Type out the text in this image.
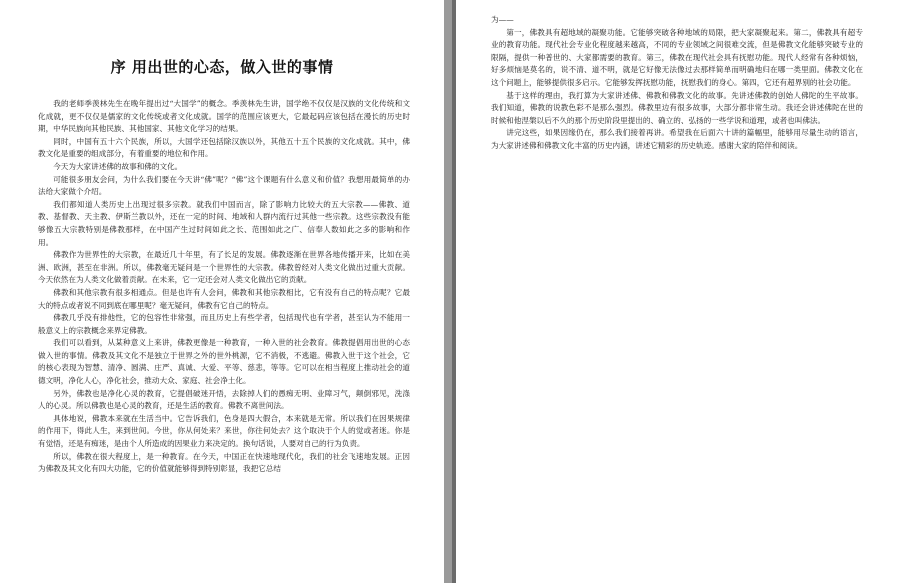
序 用出世的心态，做入世的事情

我的老师季羡林先生在晚年提出过“大国学”的概念。季羡林先生讲，国学绝不仅仅是汉族的文化传统和文化成就，更不仅仅是儒家的文化传统或者文化成就。国学的范围应该更大，它最起码应该包括在漫长的历史时期，中华民族向其他民族、其他国家、其他文化学习的结果。

同时，中国有五十六个民族，所以，大国学还包括除汉族以外，其他五十五个民族的文化成就。其中，佛教文化是重要的组成部分，有着重要的地位和作用。

今天为大家讲述佛的故事和佛的文化。

可能很多朋友会问，为什么我们要在今天讲“佛”呢？“佛”这个课题有什么意义和价值？我想用最简单的办法给大家做个介绍。

我们都知道人类历史上出现过很多宗教。就我们中国而言，除了影响力比较大的五大宗教——佛教、道教、基督教、天主教、伊斯兰教以外，还在一定的时间、地域和人群内流行过其他一些宗教。这些宗教没有能够像五大宗教特别是佛教那样，在中国产生过时间如此之长、范围如此之广、信奉人数如此之多的影响和作用。

佛教作为世界性的大宗教，在最近几十年里，有了长足的发展。佛教逐渐在世界各地传播开来，比如在美洲、欧洲，甚至在非洲。所以，佛教毫无疑问是一个世界性的大宗教。佛教曾经对人类文化做出过重大贡献。今天依然在为人类文化做着贡献。在未来，它一定还会对人类文化做出它的贡献。

佛教和其他宗教有很多相通点。但是也许有人会问，佛教和其他宗教相比，它有没有自己的特点呢？它最大的特点或者说不同到底在哪里呢？毫无疑问，佛教有它自己的特点。

佛教几乎没有排他性，它的包容性非常强，而且历史上有些学者，包括现代也有学者，甚至认为不能用一般意义上的宗教概念来界定佛教。

我们可以看到，从某种意义上来讲，佛教更像是一种教育，一种入世的社会教育。佛教提倡用出世的心态做入世的事情。佛教及其文化不是独立于世界之外的世外桃源，它不消极，不逃避。佛教入世于这个社会，它的核心表现为智慧、清净、圆满、庄严、真诚、大爱、平等、慈悲，等等。它可以在相当程度上推动社会的道德文明，净化人心，净化社会，推动大众、家庭、社会净土化。

另外，佛教也是净化心灵的教育，它提倡破迷开悟，去除掉人们的愚痴无明、业障习气，颠倒邪见，洗涤人的心灵。所以佛教也是心灵的教育，还是生活的教育。佛教不离世间法。

具体地说，佛教本来就在生活当中。它告诉我们，色身是四大假合，本来就是无常。所以我们在因果规律的作用下，得此人生，来到世间。今世，你从何处来？来世，你往何处去？这个取决于个人的觉或者迷。你是有觉悟，还是有痴迷，是由个人所造成的因果业力来决定的。换句话说，人要对自己的行为负责。

所以，佛教在很大程度上，是一种教育。在今天，中国正在快速地现代化，我们的社会飞速地发展。正因为佛教及其文化有四大功能，它的价值就能够得到特别彰显，我把它总结

为——

第一，佛教具有超地域的凝聚功能。它能够突破各种地域的局限，把大家凝聚起来。第二，佛教具有超专业的教育功能。现代社会专业化程度越来越高，不同的专业领域之间很难交流，但是佛教文化能够突破专业的限隔，提供一种普世的、大家都需要的教育。第三，佛教在现代社会具有抚慰功能。现代人经常有各种烦恼，好多烦恼是莫名的，说不清、道不明，就是它好像无法像过去那样简单而明确地归在哪一类里面。佛教文化在这个问题上，能够提供很多启示。它能够发挥抚慰功能，抚慰我们的身心。第四，它还有超界别的社会功能。

基于这样的理由，我打算为大家讲述佛、佛教和佛教文化的故事。先讲述佛教的创始人佛陀的生平故事。我们知道，佛教的说教色彩不是那么强烈。佛教里边有很多故事，大部分都非常生动。我还会讲述佛陀在世的时候和他涅槃以后不久的那个历史阶段里提出的、确立的、弘扬的一些学说和道理，或者也叫佛法。

讲完这些，如果因缘仍在，那么我们接着再讲。希望我在后面六十讲的篇幅里，能够用尽量生动的语言，为大家讲述佛和佛教文化丰富的历史内涵，讲述它精彩的历史轨迹。感谢大家的陪伴和阅读。
